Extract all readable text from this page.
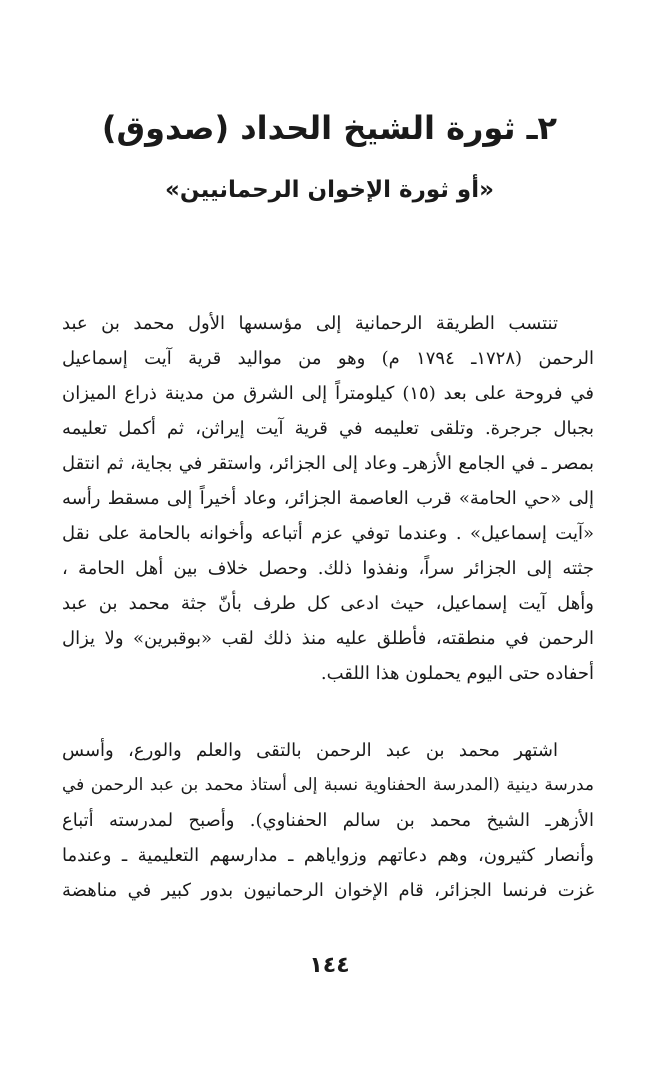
٢ـ ثورة الشيخ الحداد (صدوق)
«أو ثورة الإخوان الرحمانيين»
تنتسب الطريقة الرحمانية إلى مؤسسها الأول محمد بن عبد
الرحمن (١٧٢٨ـ ١٧٩٤ م) وهو من مواليد قرية آيت إسماعيل
في فروحة على بعد (١٥) كيلومتراً إلى الشرق من مدينة ذراع الميزان
بجبال جرجرة. وتلقى تعليمه في قرية آيت إيراثن، ثم أكمل تعليمه
بمصر ـ في الجامع الأزهرـ وعاد إلى الجزائر، واستقر في بجاية، ثم انتقل
إلى «حي الحامة» قرب العاصمة الجزائر، وعاد أخيراً إلى مسقط رأسه
«آيت إسماعيل» . وعندما توفي عزم أتباعه وأخوانه بالحامة على نقل
جثته إلى الجزائر سراً، ونفذوا ذلك. وحصل خلاف بين أهل الحامة ،
وأهل آيت إسماعيل، حيث ادعى كل طرف بأنّ جثة محمد بن عبد
الرحمن في منطقته، فأطلق عليه منذ ذلك لقب «بوقبرين» ولا يزال
أحفاده حتى اليوم يحملون هذا اللقب.
اشتهر محمد بن عبد الرحمن بالتقى والعلم والورع، وأسس
مدرسة دينية (المدرسة الحفناوية نسبة إلى أستاذ محمد بن عبد الرحمن في
الأزهرـ الشيخ محمد بن سالم الحفناوي). وأصبح لمدرسته أتباع
وأنصار كثيرون، وهم دعاتهم وزواياهم ـ مدارسهم التعليمية ـ وعندما
غزت فرنسا الجزائر، قام الإخوان الرحمانيون بدور كبير في مناهضة
١٤٤
